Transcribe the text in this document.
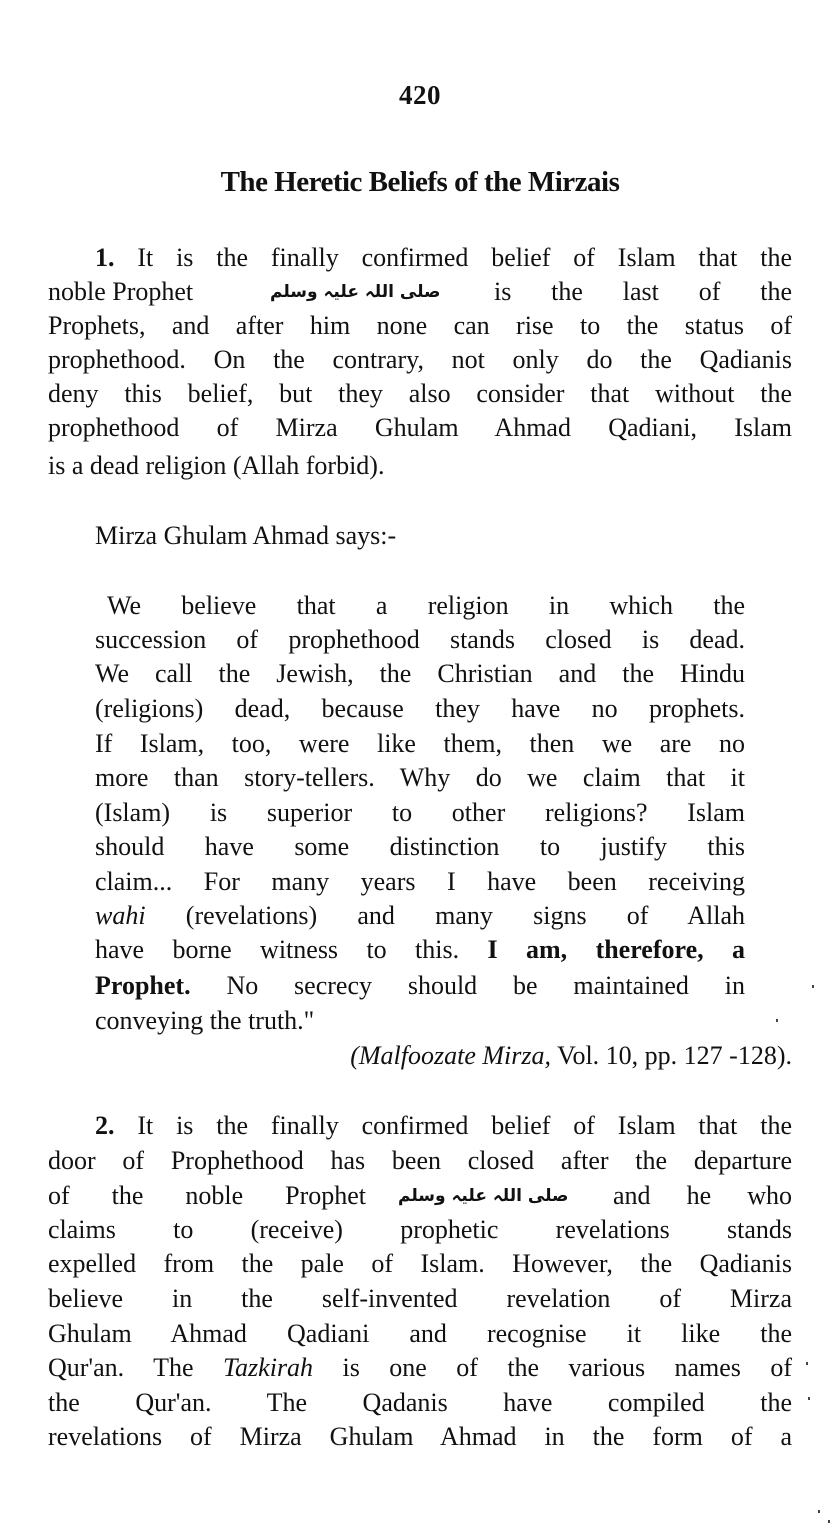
420
The Heretic Beliefs of the Mirzais
1. It is the finally confirmed belief of Islam that the
noble Prophet	صلی اللہ علیہ وسلم is the last of the
Prophets, and after him none can rise to the status of
prophethood. On the contrary, not only do the Qadianis
deny this belief, but they also consider that without the
prophethood of Mirza Ghulam Ahmad Qadiani, Islam
is a dead religion (Allah forbid).
Mirza Ghulam Ahmad says:-
We believe that a religion in which the
succession of prophethood stands closed is dead.
We call the Jewish, the Christian and the Hindu
(religions) dead, because they have no prophets.
If Islam, too, were like them, then we are no
more than story-tellers. Why do we claim that it
(Islam) is superior to other religions? Islam
should have some distinction to justify this
claim... For many years I have been receiving
wahi (revelations) and many signs of Allah
have borne witness to this. I am, therefore, a
Prophet. No secrecy should be maintained in
conveying the truth."
(Malfoozate Mirza, Vol. 10, pp. 127 -128).
2. It is the finally confirmed belief of Islam that the
door of Prophethood has been closed after the departure
of the noble Prophet صلی اللہ علیہ وسلم and he who
claims to (receive) prophetic revelations stands
expelled from the pale of Islam. However, the Qadianis
believe in the self-invented revelation of Mirza
Ghulam Ahmad Qadiani and recognise it like the
Qur'an. The Tazkirah is one of the various names of
the Qur'an. The Qadanis have compiled the
revelations of Mirza Ghulam Ahmad in the form of a
